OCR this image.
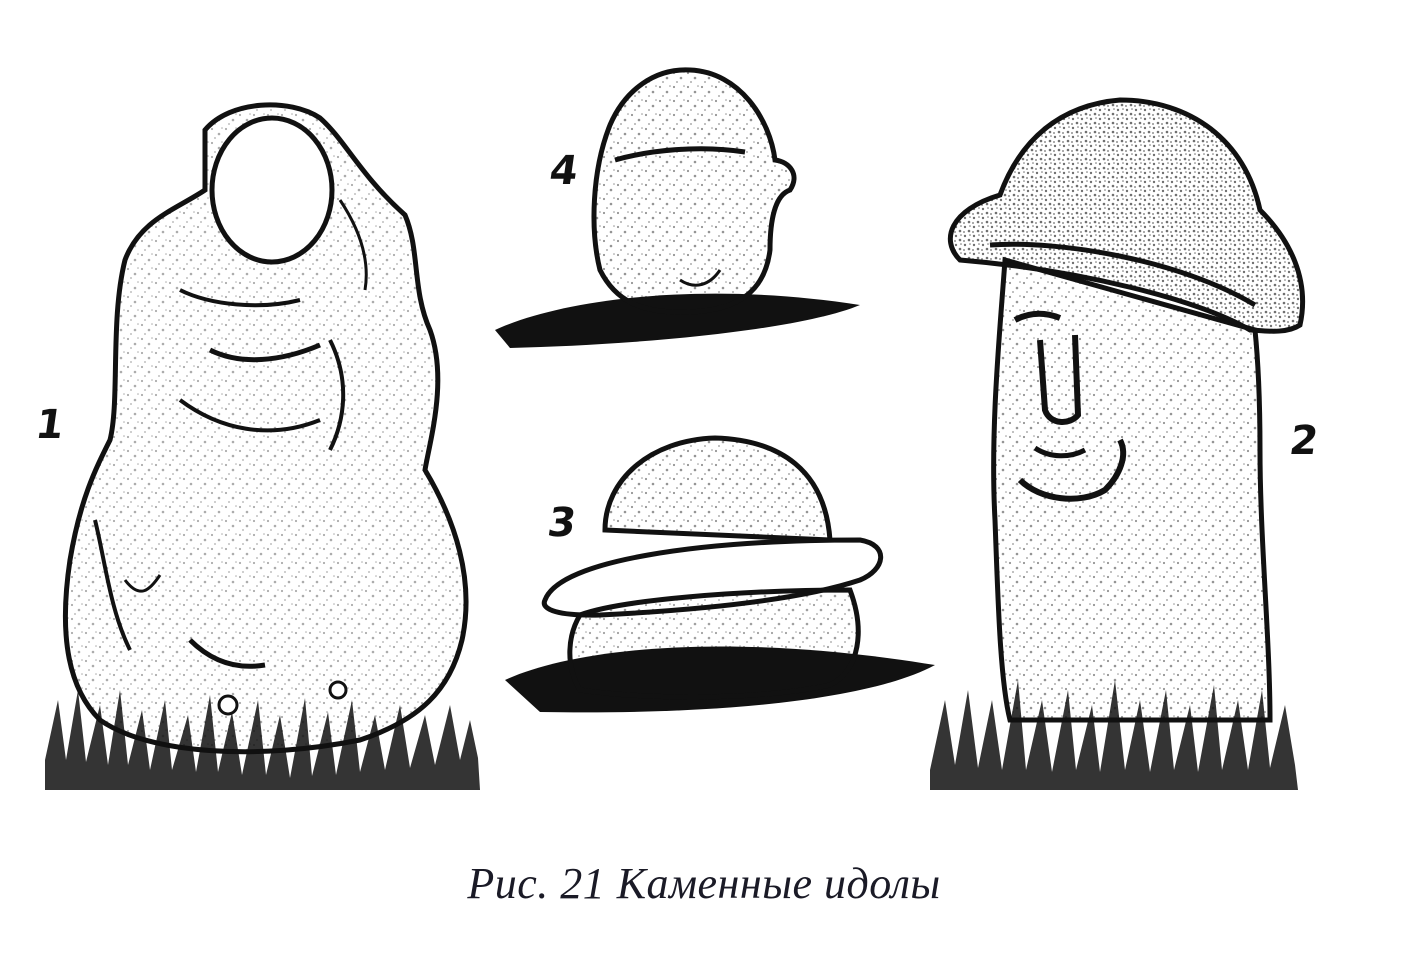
1	2
3
4
Рис. 21 Каменные идолы
